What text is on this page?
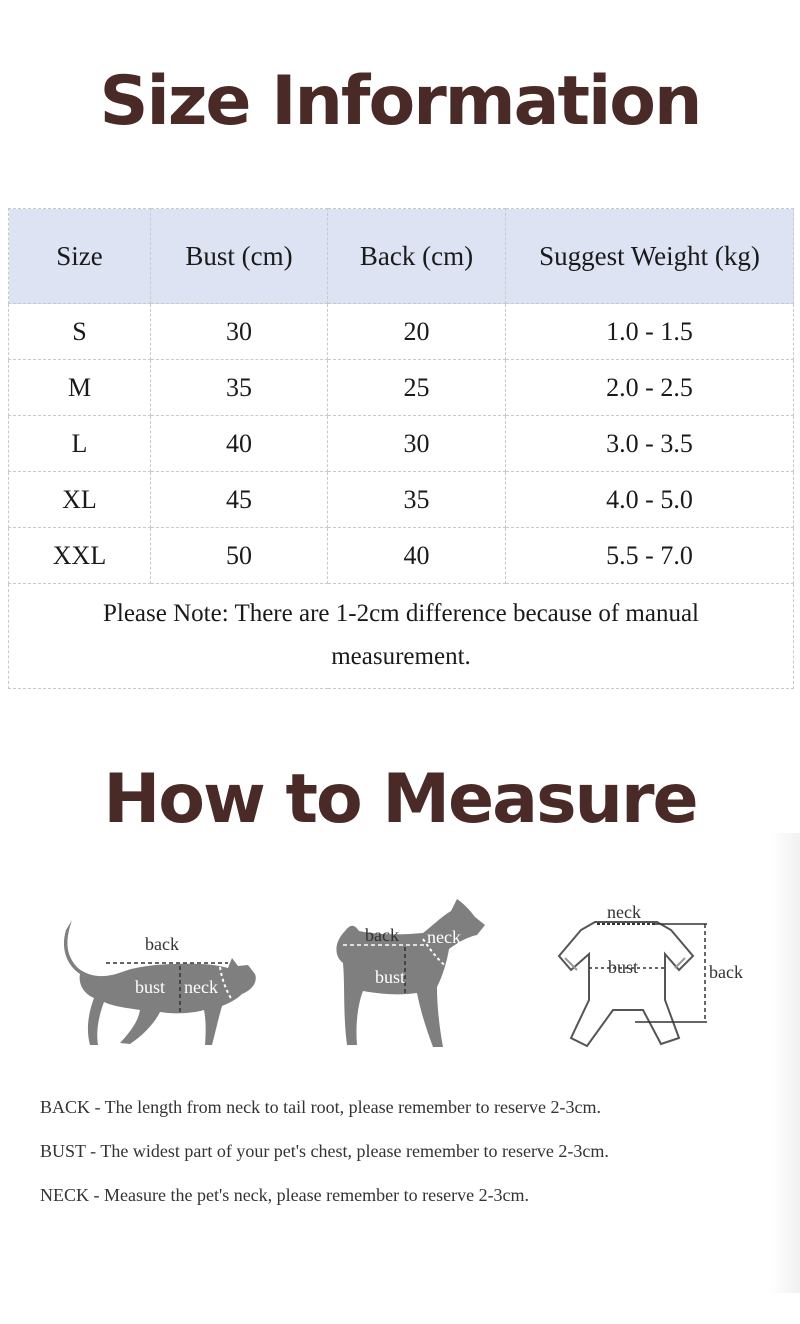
Size Information
Size	Bust (cm)	Back (cm)	Suggest Weight (kg)
S	30	20	1.0 - 1.5
M	35	25	2.0 - 2.5
L	40	30	3.0 - 3.5
XL	45	35	4.0 - 5.0
XXL	50	40	5.5 - 7.0
Please Note: There are 1-2cm difference because of manual measurement.			
How to Measure
back
bust neck
back neck
bust
neck
bust	back

BACK - The length from neck to tail root, please remember to reserve 2-3cm.

BUST - The widest part of your pet's chest, please remember to reserve 2-3cm.

NECK - Measure the pet's neck, please remember to reserve 2-3cm.
